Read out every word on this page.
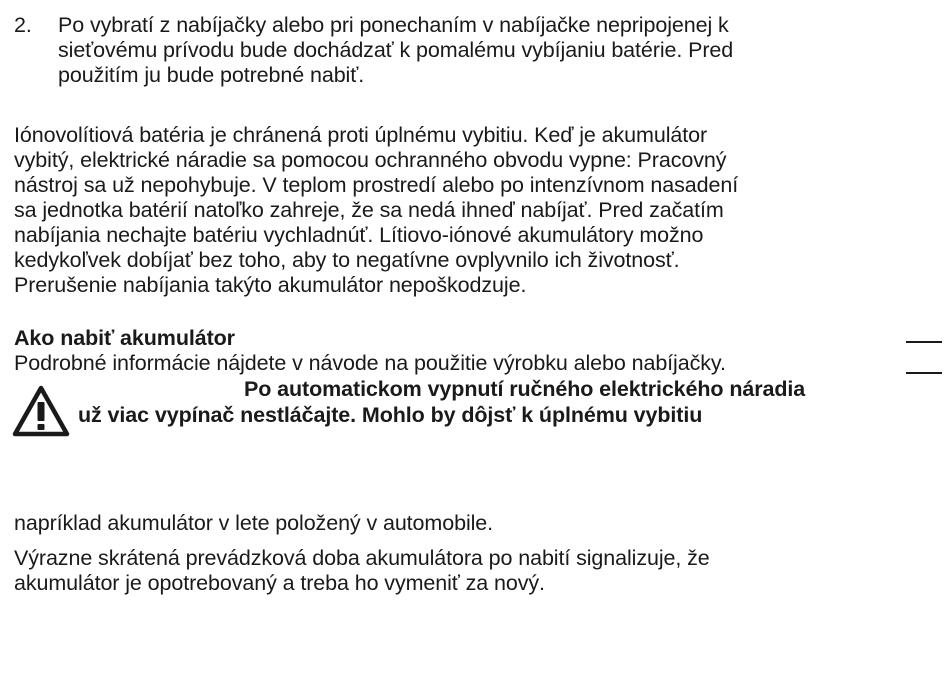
2. Po vybratí z nabíjačky alebo pri ponechaním v nabíjačke nepripojenej k
sieťovému prívodu bude dochádzať k pomalému vybíjaniu batérie. Pred
použitím ju bude potrebné nabiť.
Iónovolítiová batéria je chránená proti úplnému vybitiu. Keď je akumulátor
vybitý, elektrické náradie sa pomocou ochranného obvodu vypne: Pracovný
nástroj sa už nepohybuje. V teplom prostredí alebo po intenzívnom nasadení
sa jednotka batérií natoľko zahreje, že sa nedá ihneď nabíjať. Pred začatím
nabíjania nechajte batériu vychladnúť. Lítiovo-iónové akumulátory možno
kedykoľvek dobíjať bez toho, aby to negatívne ovplyvnilo ich životnosť.
Prerušenie nabíjania takýto akumulátor nepoškodzuje.
Ako nabiť akumulátor
Podrobné informácie nájdete v návode na použitie výrobku alebo nabíjačky.
Po automatickom vypnutí ručného elektrického náradia
už viac vypínač nestláčajte. Mohlo by dôjsť k úplnému vybitiu
napríklad akumulátor v lete položený v automobile.
Výrazne skrátená prevádzková doba akumulátora po nabití signalizuje, že
akumulátor je opotrebovaný a treba ho vymeniť za nový.
